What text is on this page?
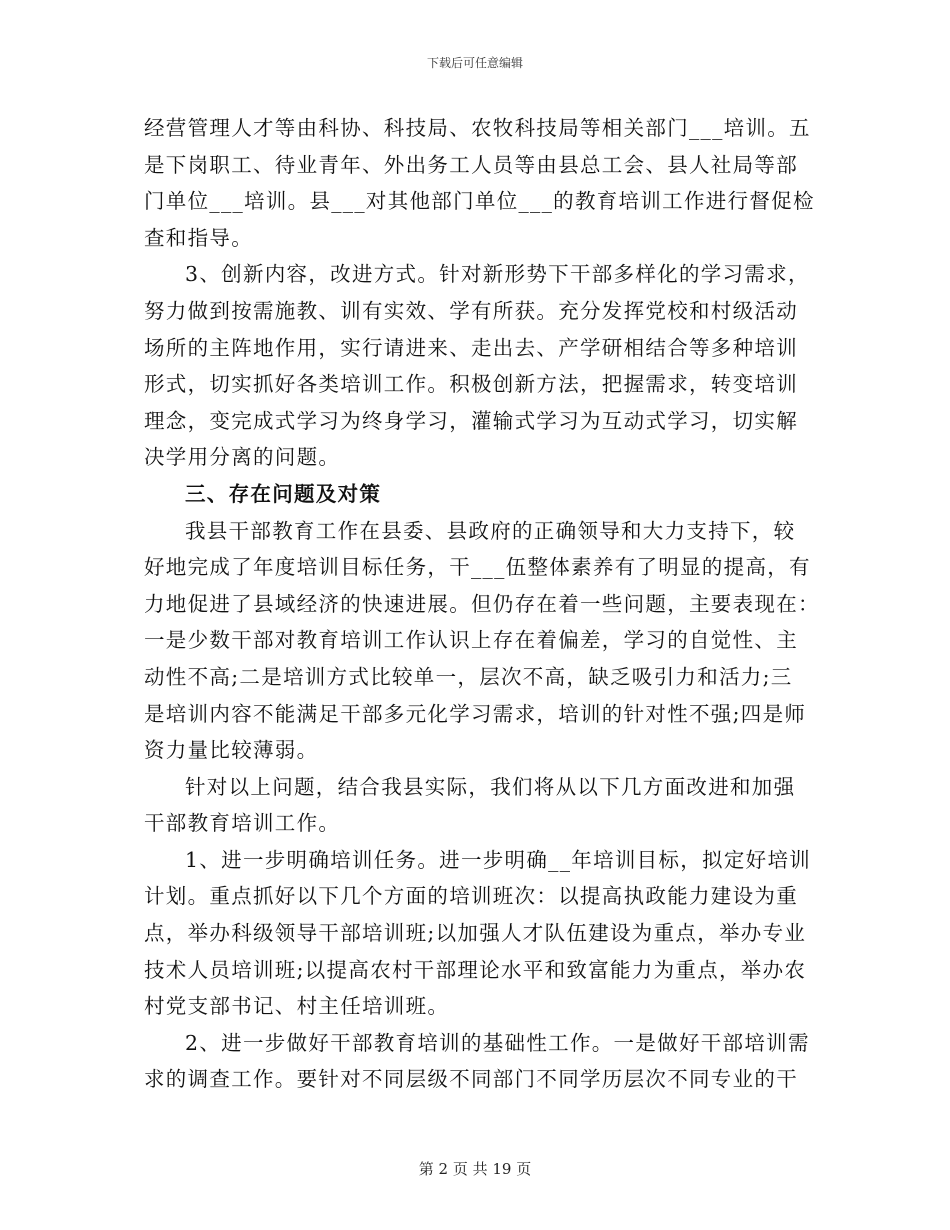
下载后可任意编辑
经营管理人才等由科协、科技局、农牧科技局等相关部门___培训。五
是下岗职工、待业青年、外出务工人员等由县总工会、县人社局等部
门单位___培训。县___对其他部门单位___的教育培训工作进行督促检
查和指导。
3、创新内容，改进方式。针对新形势下干部多样化的学习需求，
努力做到按需施教、训有实效、学有所获。充分发挥党校和村级活动
场所的主阵地作用，实行请进来、走出去、产学研相结合等多种培训
形式，切实抓好各类培训工作。积极创新方法，把握需求，转变培训
理念，变完成式学习为终身学习，灌输式学习为互动式学习，切实解
决学用分离的问题。
三、存在问题及对策
我县干部教育工作在县委、县政府的正确领导和大力支持下，较
好地完成了年度培训目标任务，干___伍整体素养有了明显的提高，有
力地促进了县域经济的快速进展。但仍存在着一些问题，主要表现在：
一是少数干部对教育培训工作认识上存在着偏差，学习的自觉性、主
动性不高;二是培训方式比较单一，层次不高，缺乏吸引力和活力;三
是培训内容不能满足干部多元化学习需求，培训的针对性不强;四是师
资力量比较薄弱。
针对以上问题，结合我县实际，我们将从以下几方面改进和加强
干部教育培训工作。
1、进一步明确培训任务。进一步明确__年培训目标，拟定好培训
计划。重点抓好以下几个方面的培训班次：以提高执政能力建设为重
点，举办科级领导干部培训班;以加强人才队伍建设为重点，举办专业
技术人员培训班;以提高农村干部理论水平和致富能力为重点，举办农
村党支部书记、村主任培训班。
2、进一步做好干部教育培训的基础性工作。一是做好干部培训需
求的调查工作。要针对不同层级不同部门不同学历层次不同专业的干
第 2 页 共 19 页
